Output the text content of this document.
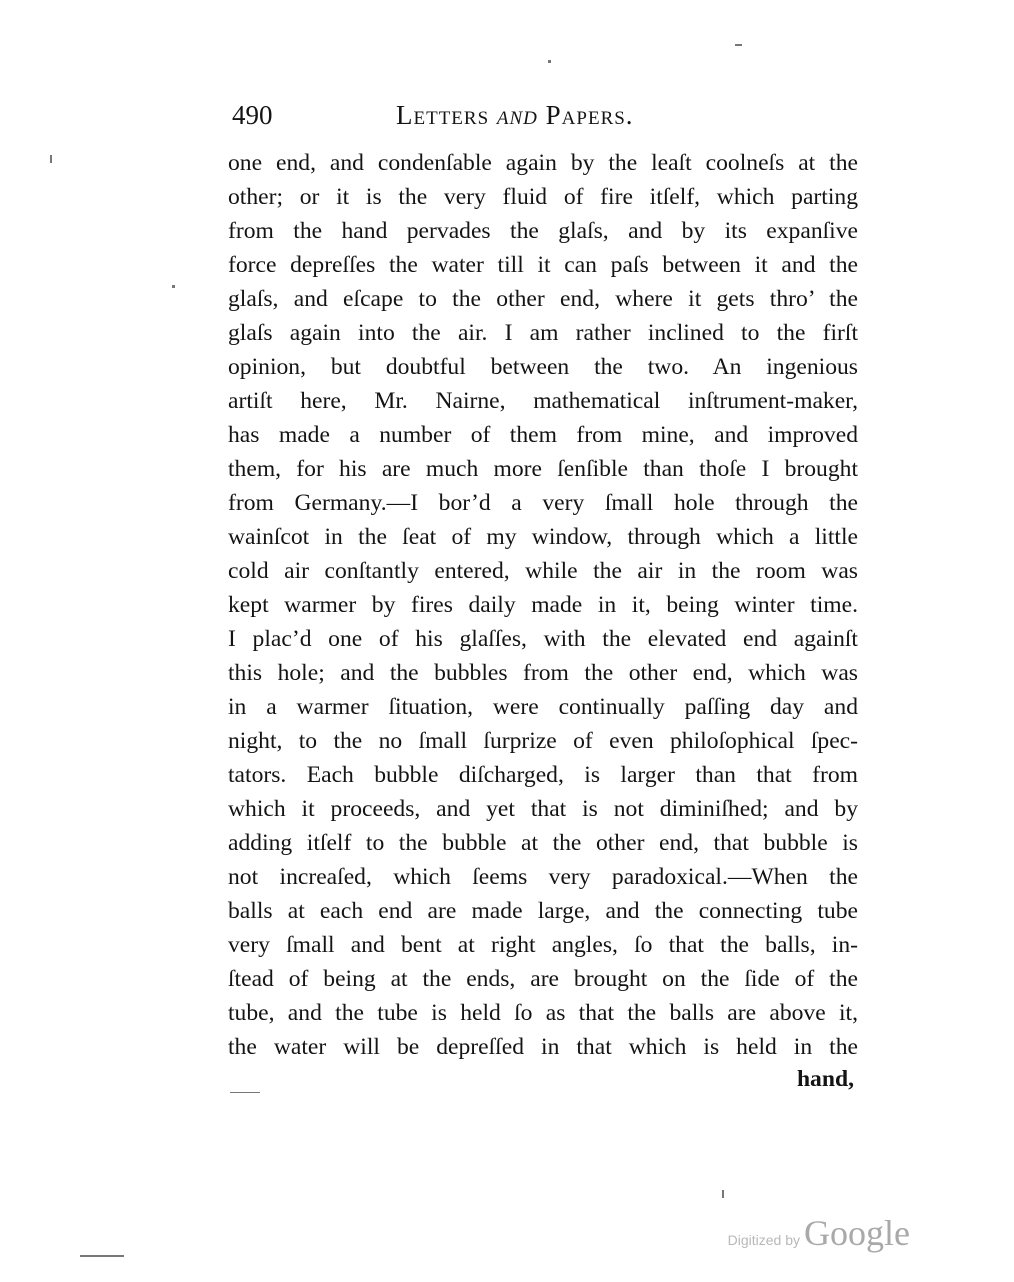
490	Letters and Papers.
one end, and condenſable again by the leaſt coolneſs at the
other; or it is the very fluid of fire itſelf, which parting
from the hand pervades the glaſs, and by its expanſive
force depreſſes the water till it can paſs between it and the
glaſs, and eſcape to the other end, where it gets thro’ the
glaſs again into the air. I am rather inclined to the firſt
opinion, but doubtful between the two. An ingenious
artiſt here, Mr. Nairne, mathematical inſtrument-maker,
has made a number of them from mine, and improved
them, for his are much more ſenſible than thoſe I brought
from Germany.—I bor’d a very ſmall hole through the
wainſcot in the ſeat of my window, through which a little
cold air conſtantly entered, while the air in the room was
kept warmer by fires daily made in it, being winter time.
I plac’d one of his glaſſes, with the elevated end againſt
this hole; and the bubbles from the other end, which was
in a warmer ſituation, were continually paſſing day and
night, to the no ſmall ſurprize of even philoſophical ſpec-
tators. Each bubble diſcharged, is larger than that from
which it proceeds, and yet that is not diminiſhed; and by
adding itſelf to the bubble at the other end, that bubble is
not increaſed, which ſeems very paradoxical.—When the
balls at each end are made large, and the connecting tube
very ſmall and bent at right angles, ſo that the balls, in-
ſtead of being at the ends, are brought on the ſide of the
tube, and the tube is held ſo as that the balls are above it,
the water will be depreſſed in that which is held in the
hand,
Digitized by Google
